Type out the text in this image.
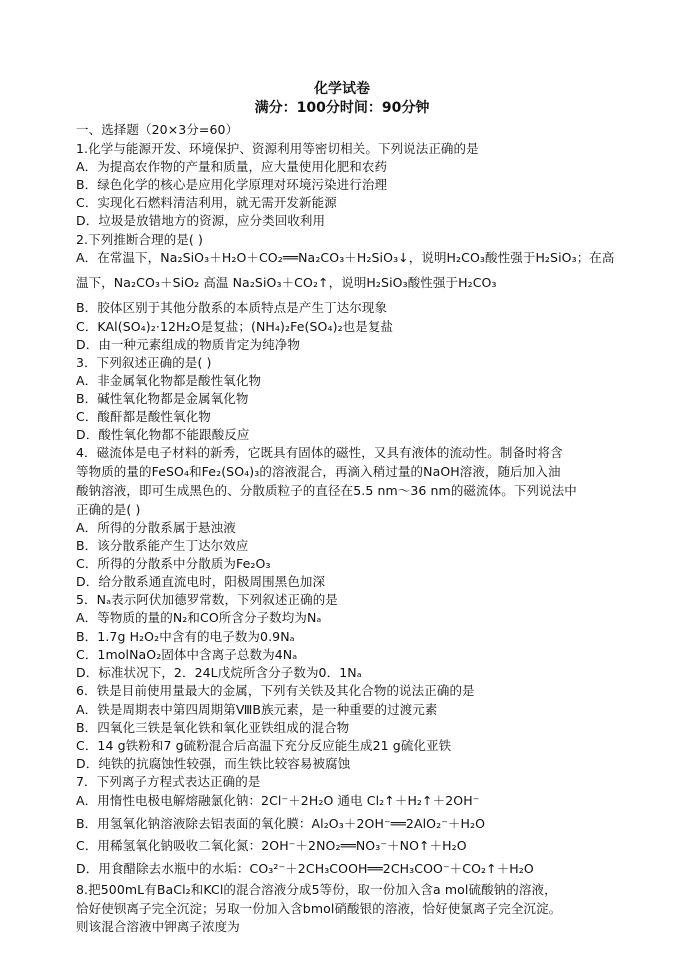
化学试卷
满分：100分时间：90分钟
一、选择题（20×3分=60）
1.化学与能源开发、环境保护、资源利用等密切相关。下列说法正确的是
A．为提高农作物的产量和质量，应大量使用化肥和农药
B．绿色化学的核心是应用化学原理对环境污染进行治理
C．实现化石燃料清洁利用，就无需开发新能源
D．垃圾是放错地方的资源，应分类回收利用
2.下列推断合理的是( )
A．在常温下，Na₂SiO₃＋H₂O＋CO₂══Na₂CO₃＋H₂SiO₃↓，说明H₂CO₃酸性强于H₂SiO₃；在高
温下，Na₂CO₃＋SiO₂ 高温 Na₂SiO₃＋CO₂↑，说明H₂SiO₃酸性强于H₂CO₃
B．胶体区别于其他分散系的本质特点是产生丁达尔现象
C．KAl(SO₄)₂·12H₂O是复盐；(NH₄)₂Fe(SO₄)₂也是复盐
D．由一种元素组成的物质肯定为纯净物
3．下列叙述正确的是( )
A．非金属氧化物都是酸性氧化物
B．碱性氧化物都是金属氧化物
C．酸酐都是酸性氧化物
D．酸性氧化物都不能跟酸反应
4．磁流体是电子材料的新秀，它既具有固体的磁性，又具有液体的流动性。制备时将含
等物质的量的FeSO₄和Fe₂(SO₄)₃的溶液混合，再滴入稍过量的NaOH溶液，随后加入油
酸钠溶液，即可生成黑色的、分散质粒子的直径在5.5 nm～36 nm的磁流体。下列说法中
正确的是( )
A．所得的分散系属于悬浊液
B．该分散系能产生丁达尔效应
C．所得的分散系中分散质为Fe₂O₃
D．给分散系通直流电时，阳极周围黑色加深
5．Nₐ表示阿伏加德罗常数，下列叙述正确的是
A．等物质的量的N₂和CO所含分子数均为Nₐ
B．1.7g H₂O₂中含有的电子数为0.9Nₐ
C．1molNaO₂固体中含离子总数为4Nₐ
D．标准状况下，2．24L戊烷所含分子数为0．1Nₐ
6．铁是目前使用量最大的金属，下列有关铁及其化合物的说法正确的是
A．铁是周期表中第四周期第ⅧB族元素，是一种重要的过渡元素
B．四氧化三铁是氧化铁和氧化亚铁组成的混合物
C．14 g铁粉和7 g硫粉混合后高温下充分反应能生成21 g硫化亚铁
D．纯铁的抗腐蚀性较强，而生铁比较容易被腐蚀
7．下列离子方程式表达正确的是
A．用惰性电极电解熔融氯化钠：2Cl⁻＋2H₂O 通电 Cl₂↑＋H₂↑＋2OH⁻
B．用氢氧化钠溶液除去铝表面的氧化膜：Al₂O₃＋2OH⁻══2AlO₂⁻＋H₂O
C．用稀氢氧化钠吸收二氧化氮：2OH⁻＋2NO₂══NO₃⁻＋NO↑＋H₂O
D．用食醋除去水瓶中的水垢：CO₃²⁻＋2CH₃COOH══2CH₃COO⁻＋CO₂↑＋H₂O
8.把500mL有BaCl₂和KCl的混合溶液分成5等份，取一份加入含a mol硫酸钠的溶液，
恰好使钡离子完全沉淀；另取一份加入含bmol硝酸银的溶液，恰好使氯离子完全沉淀。
则该混合溶液中钾离子浓度为
